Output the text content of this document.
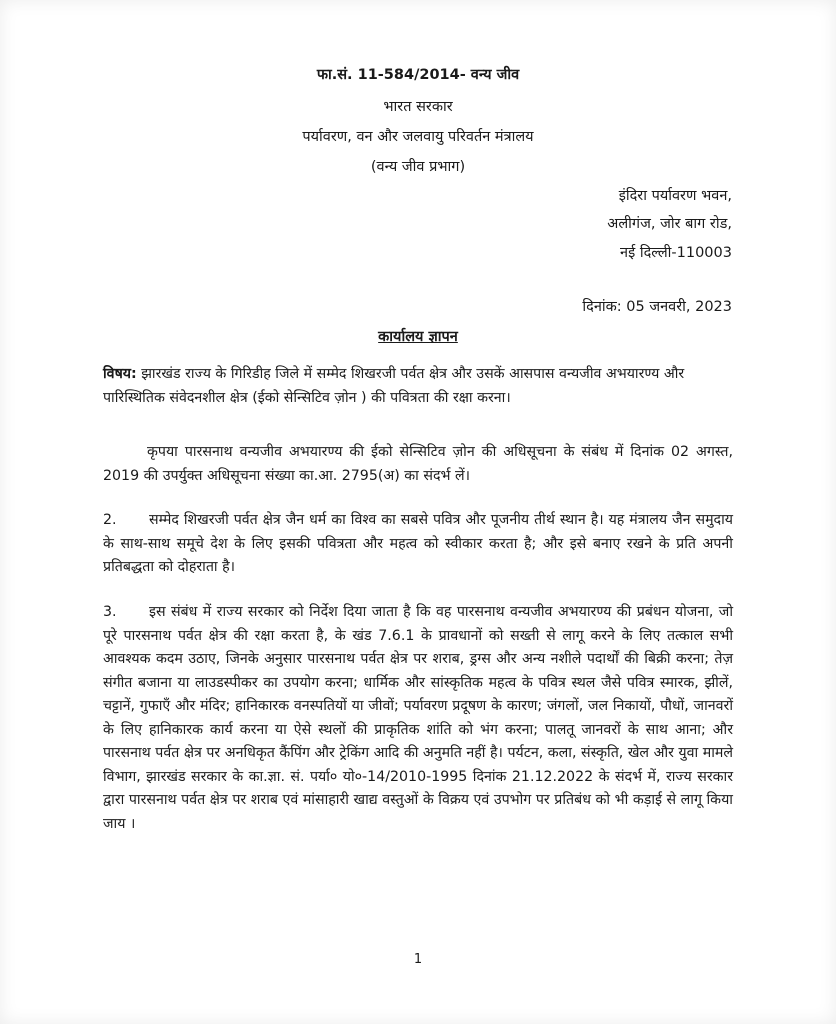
फा.सं. 11-584/2014- वन्य जीव
भारत सरकार
पर्यावरण, वन और जलवायु परिवर्तन मंत्रालय
(वन्य जीव प्रभाग)
इंदिरा पर्यावरण भवन,
अलीगंज, जोर बाग रोड,
नई दिल्ली-110003
दिनांक: 05 जनवरी, 2023
कार्यालय ज्ञापन
विषय: झारखंड राज्य के गिरिडीह जिले में सम्मेद शिखरजी पर्वत क्षेत्र और उसकें आसपास वन्यजीव अभयारण्य और पारिस्थितिक संवेदनशील क्षेत्र (ईको सेन्सिटिव ज़ोन ) की पवित्रता की रक्षा करना।
कृपया पारसनाथ वन्यजीव अभयारण्य की ईको सेन्सिटिव ज़ोन की अधिसूचना के संबंध में दिनांक 02 अगस्त, 2019 की उपर्युक्त अधिसूचना संख्या का.आ. 2795(अ) का संदर्भ लें।
2. सम्मेद शिखरजी पर्वत क्षेत्र जैन धर्म का विश्व का सबसे पवित्र और पूजनीय तीर्थ स्थान है। यह मंत्रालय जैन समुदाय के साथ-साथ समूचे देश के लिए इसकी पवित्रता और महत्व को स्वीकार करता है; और इसे बनाए रखने के प्रति अपनी प्रतिबद्धता को दोहराता है।
3. इस संबंध में राज्य सरकार को निर्देश दिया जाता है कि वह पारसनाथ वन्यजीव अभयारण्य की प्रबंधन योजना, जो पूरे पारसनाथ पर्वत क्षेत्र की रक्षा करता है, के खंड 7.6.1 के प्रावधानों को सख्ती से लागू करने के लिए तत्काल सभी आवश्यक कदम उठाए, जिनके अनुसार पारसनाथ पर्वत क्षेत्र पर शराब, ड्रग्स और अन्य नशीले पदार्थों की बिक्री करना; तेज़ संगीत बजाना या लाउडस्पीकर का उपयोग करना; धार्मिक और सांस्कृतिक महत्व के पवित्र स्थल जैसे पवित्र स्मारक, झीलें, चट्टानें, गुफाएँ और मंदिर; हानिकारक वनस्पतियों या जीवों; पर्यावरण प्रदूषण के कारण; जंगलों, जल निकायों, पौधों, जानवरों के लिए हानिकारक कार्य करना या ऐसे स्थलों की प्राकृतिक शांति को भंग करना; पालतू जानवरों के साथ आना; और पारसनाथ पर्वत क्षेत्र पर अनधिकृत कैंपिंग और ट्रेकिंग आदि की अनुमति नहीं है। पर्यटन, कला, संस्कृति, खेल और युवा मामले विभाग, झारखंड सरकार के का.ज्ञा. सं. पर्या० यो०-14/2010-1995 दिनांक 21.12.2022 के संदर्भ में, राज्य सरकार द्वारा पारसनाथ पर्वत क्षेत्र पर शराब एवं मांसाहारी खाद्य वस्तुओं के विक्रय एवं उपभोग पर प्रतिबंध को भी कड़ाई से लागू किया जाय ।
1
